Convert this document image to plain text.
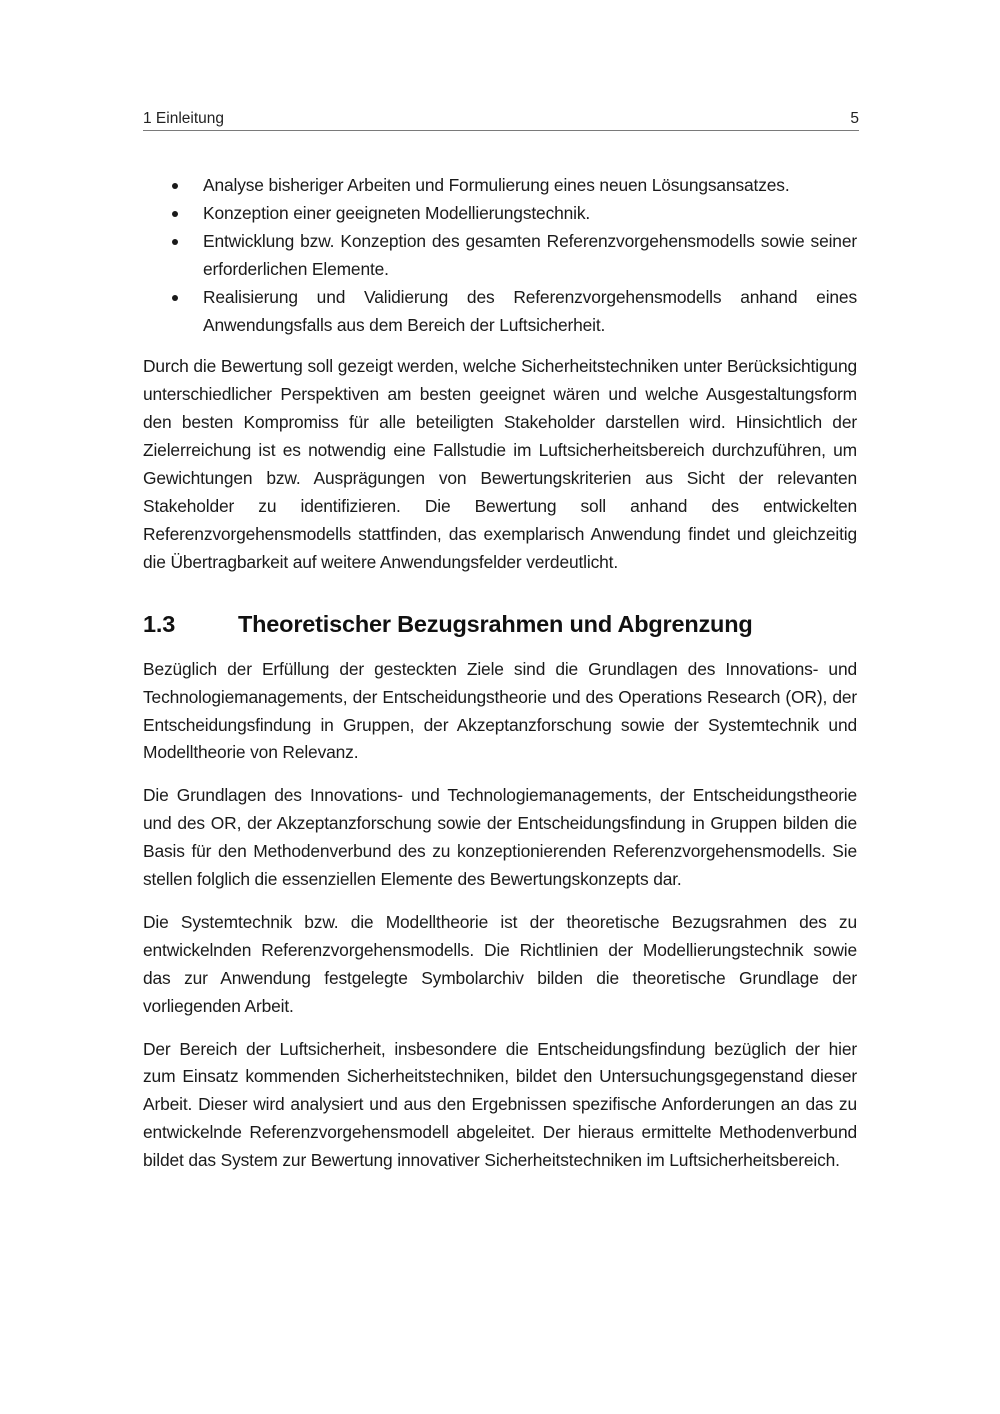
1 Einleitung	5
Analyse bisheriger Arbeiten und Formulierung eines neuen Lösungsansatzes.
Konzeption einer geeigneten Modellierungstechnik.
Entwicklung bzw. Konzeption des gesamten Referenzvorgehensmodells sowie seiner erforderlichen Elemente.
Realisierung und Validierung des Referenzvorgehensmodells anhand eines Anwendungsfalls aus dem Bereich der Luftsicherheit.

Durch die Bewertung soll gezeigt werden, welche Sicherheitstechniken unter Berücksichtigung unterschiedlicher Perspektiven am besten geeignet wären und welche Ausgestaltungsform den besten Kompromiss für alle beteiligten Stakeholder darstellen wird. Hinsichtlich der Zielerreichung ist es notwendig eine Fallstudie im Luftsicherheitsbereich durchzuführen, um Gewichtungen bzw. Ausprägungen von Bewertungskriterien aus Sicht der relevanten Stakeholder zu identifizieren. Die Bewertung soll anhand des entwickelten Referenzvorgehensmodells stattfinden, das exemplarisch Anwendung findet und gleichzeitig die Übertragbarkeit auf weitere Anwendungsfelder verdeutlicht.

1.3	Theoretischer Bezugsrahmen und Abgrenzung

Bezüglich der Erfüllung der gesteckten Ziele sind die Grundlagen des Innovations- und Technologiemanagements, der Entscheidungstheorie und des Operations Research (OR), der Entscheidungsfindung in Gruppen, der Akzeptanzforschung sowie der Systemtechnik und Modelltheorie von Relevanz.

Die Grundlagen des Innovations- und Technologiemanagements, der Entscheidungstheorie und des OR, der Akzeptanzforschung sowie der Entscheidungsfindung in Gruppen bilden die Basis für den Methodenverbund des zu konzeptionierenden Referenzvorgehensmodells. Sie stellen folglich die essenziellen Elemente des Bewertungskonzepts dar.

Die Systemtechnik bzw. die Modelltheorie ist der theoretische Bezugsrahmen des zu entwickelnden Referenzvorgehensmodells. Die Richtlinien der Modellierungstechnik sowie das zur Anwendung festgelegte Symbolarchiv bilden die theoretische Grundlage der vorliegenden Arbeit.

Der Bereich der Luftsicherheit, insbesondere die Entscheidungsfindung bezüglich der hier zum Einsatz kommenden Sicherheitstechniken, bildet den Untersuchungsgegenstand dieser Arbeit. Dieser wird analysiert und aus den Ergebnissen spezifische Anforderungen an das zu entwickelnde Referenzvorgehensmodell abgeleitet. Der hieraus ermittelte Methodenverbund bildet das System zur Bewertung innovativer Sicherheitstechniken im Luftsicherheitsbereich.
